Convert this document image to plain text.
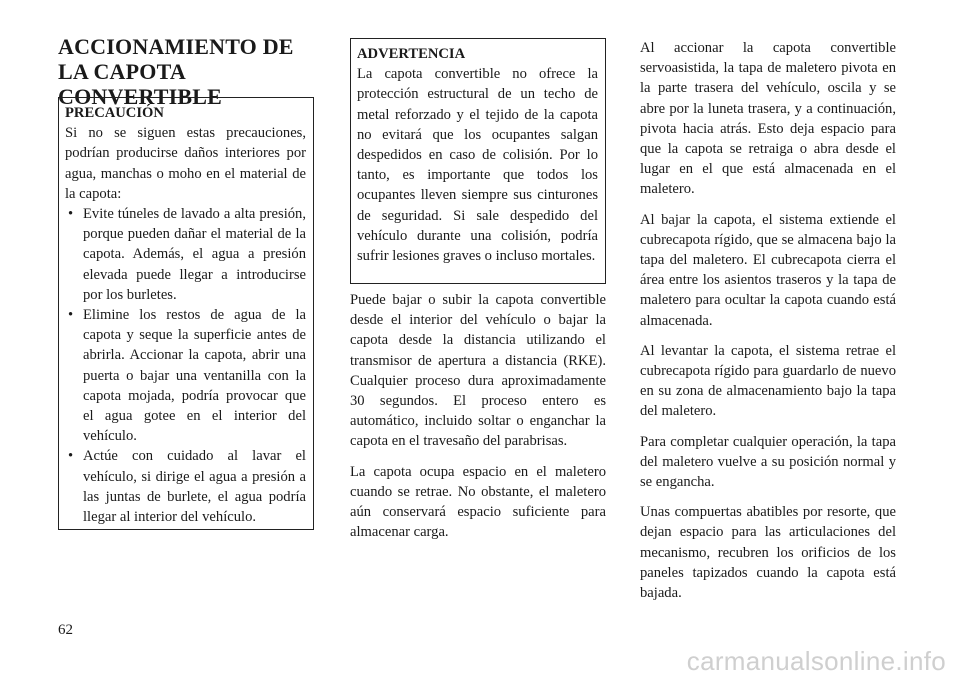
ACCIONAMIENTO DE LA CAPOTA CONVERTIBLE
PRECAUCIÓN

Si no se siguen estas precauciones, podrían producirse daños interiores por agua, manchas o moho en el material de la capota:

• Evite túneles de lavado a alta presión, porque pueden dañar el material de la capota. Además, el agua a presión elevada puede llegar a introducirse por los burletes.
• Elimine los restos de agua de la capota y seque la superficie antes de abrirla. Accionar la capota, abrir una puerta o bajar una ventanilla con la capota mojada, podría provocar que el agua gotee en el interior del vehículo.
• Actúe con cuidado al lavar el vehículo, si dirige el agua a presión a las juntas de burlete, el agua podría llegar al interior del vehículo.
ADVERTENCIA

La capota convertible no ofrece la protección estructural de un techo de metal reforzado y el tejido de la capota no evitará que los ocupantes salgan despedidos en caso de colisión. Por lo tanto, es importante que todos los ocupantes lleven siempre sus cinturones de seguridad. Si sale despedido del vehículo durante una colisión, podría sufrir lesiones graves o incluso mortales.

Puede bajar o subir la capota convertible desde el interior del vehículo o bajar la capota desde la distancia utilizando el transmisor de apertura a distancia (RKE). Cualquier proceso dura aproximadamente 30 segundos. El proceso entero es automático, incluido soltar o enganchar la capota en el travesaño del parabrisas.

La capota ocupa espacio en el maletero cuando se retrae. No obstante, el maletero aún conservará espacio suficiente para almacenar carga.

Al accionar la capota convertible servoasistida, la tapa de maletero pivota en la parte trasera del vehículo, oscila y se abre por la luneta trasera, y a continuación, pivota hacia atrás. Esto deja espacio para que la capota se retraiga o abra desde el lugar en el que está almacenada en el maletero.

Al bajar la capota, el sistema extiende el cubrecapota rígido, que se almacena bajo la tapa del maletero. El cubrecapota cierra el área entre los asientos traseros y la tapa de maletero para ocultar la capota cuando está almacenada.

Al levantar la capota, el sistema retrae el cubrecapota rígido para guardarlo de nuevo en su zona de almacenamiento bajo la tapa del maletero.

Para completar cualquier operación, la tapa del maletero vuelve a su posición normal y se engancha.

Unas compuertas abatibles por resorte, que dejan espacio para las articulaciones del mecanismo, recubren los orificios de los paneles tapizados cuando la capota está bajada.

62
carmanualsonline.info
